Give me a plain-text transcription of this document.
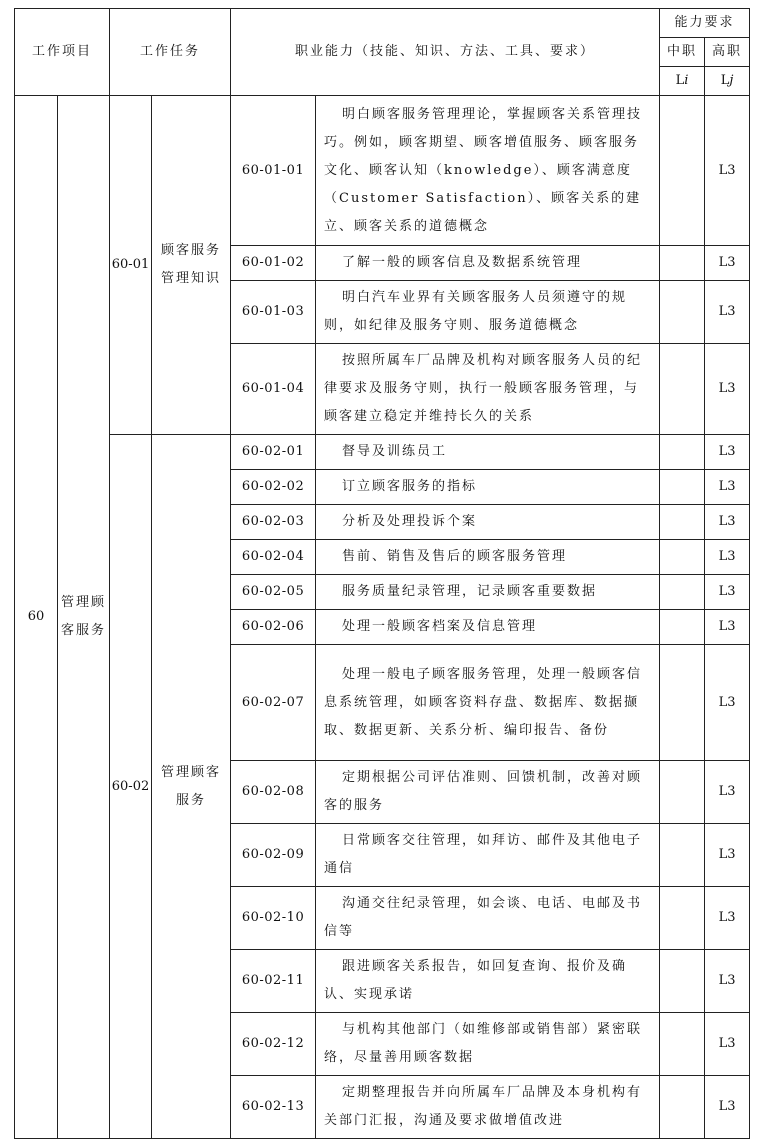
工作项目		工作任务		职业能力（技能、知识、方法、工具、要求）		能力要求	
						中职	高职
						Li	Lj
60	管理顾客服务	60-01	顾客服务管理知识	60-01-01	明白顾客服务管理理论，掌握顾客关系管理技巧。例如，顾客期望、顾客增值服务、顾客服务文化、顾客认知（knowledge）、顾客满意度（Customer Satisfaction）、顾客关系的建立、顾客关系的道德概念		L3
				60-01-02	了解一般的顾客信息及数据系统管理		L3
				60-01-03	明白汽车业界有关顾客服务人员须遵守的规则，如纪律及服务守则、服务道德概念		L3
				60-01-04	按照所属车厂品牌及机构对顾客服务人员的纪律要求及服务守则，执行一般顾客服务管理，与顾客建立稳定并维持长久的关系		L3
		60-02	管理顾客服务	60-02-01	督导及训练员工		L3
				60-02-02	订立顾客服务的指标		L3
				60-02-03	分析及处理投诉个案		L3
				60-02-04	售前、销售及售后的顾客服务管理		L3
				60-02-05	服务质量纪录管理，记录顾客重要数据		L3
				60-02-06	处理一般顾客档案及信息管理		L3
				60-02-07	处理一般电子顾客服务管理，处理一般顾客信息系统管理，如顾客资料存盘、数据库、数据撷取、数据更新、关系分析、编印报告、备份		L3
				60-02-08	定期根据公司评估准则、回馈机制，改善对顾客的服务		L3
				60-02-09	日常顾客交往管理，如拜访、邮件及其他电子通信		L3
				60-02-10	沟通交往纪录管理，如会谈、电话、电邮及书信等		L3
				60-02-11	跟进顾客关系报告，如回复查询、报价及确认、实现承诺		L3
				60-02-12	与机构其他部门（如维修部或销售部）紧密联络，尽量善用顾客数据		L3
				60-02-13	定期整理报告并向所属车厂品牌及本身机构有关部门汇报，沟通及要求做增值改进		L3
